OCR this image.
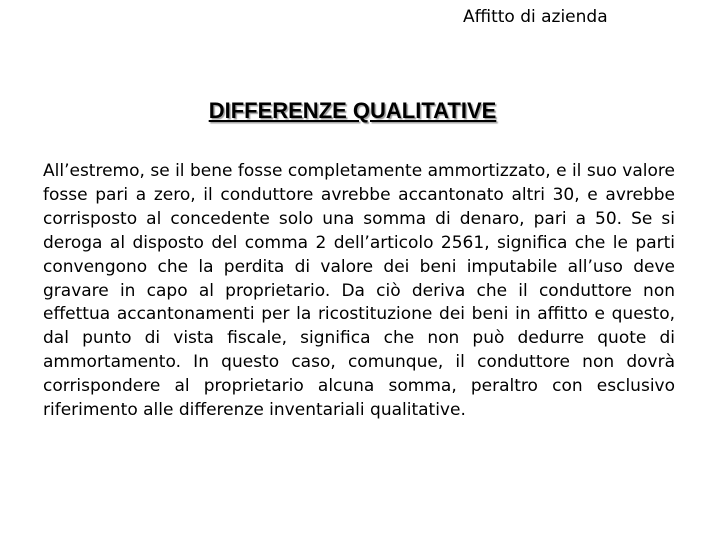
Affitto di azienda
DIFFERENZE QUALITATIVE

All’estremo, se il bene fosse completamente ammortizzato, e il suo valore fosse pari a zero, il conduttore avrebbe accantonato altri 30, e avrebbe corrisposto al concedente solo una somma di denaro, pari a 50. Se si deroga al disposto del comma 2 dell’articolo 2561, significa che le parti convengono che la perdita di valore dei beni imputabile all’uso deve gravare in capo al proprietario. Da ciò deriva che il conduttore non effettua accantonamenti per la ricostituzione dei beni in affitto e questo, dal punto di vista fiscale, significa che non può dedurre quote di ammortamento. In questo caso, comunque, il conduttore non dovrà corrispondere al proprietario alcuna somma, peraltro con esclusivo riferimento alle differenze inventariali qualitative.
